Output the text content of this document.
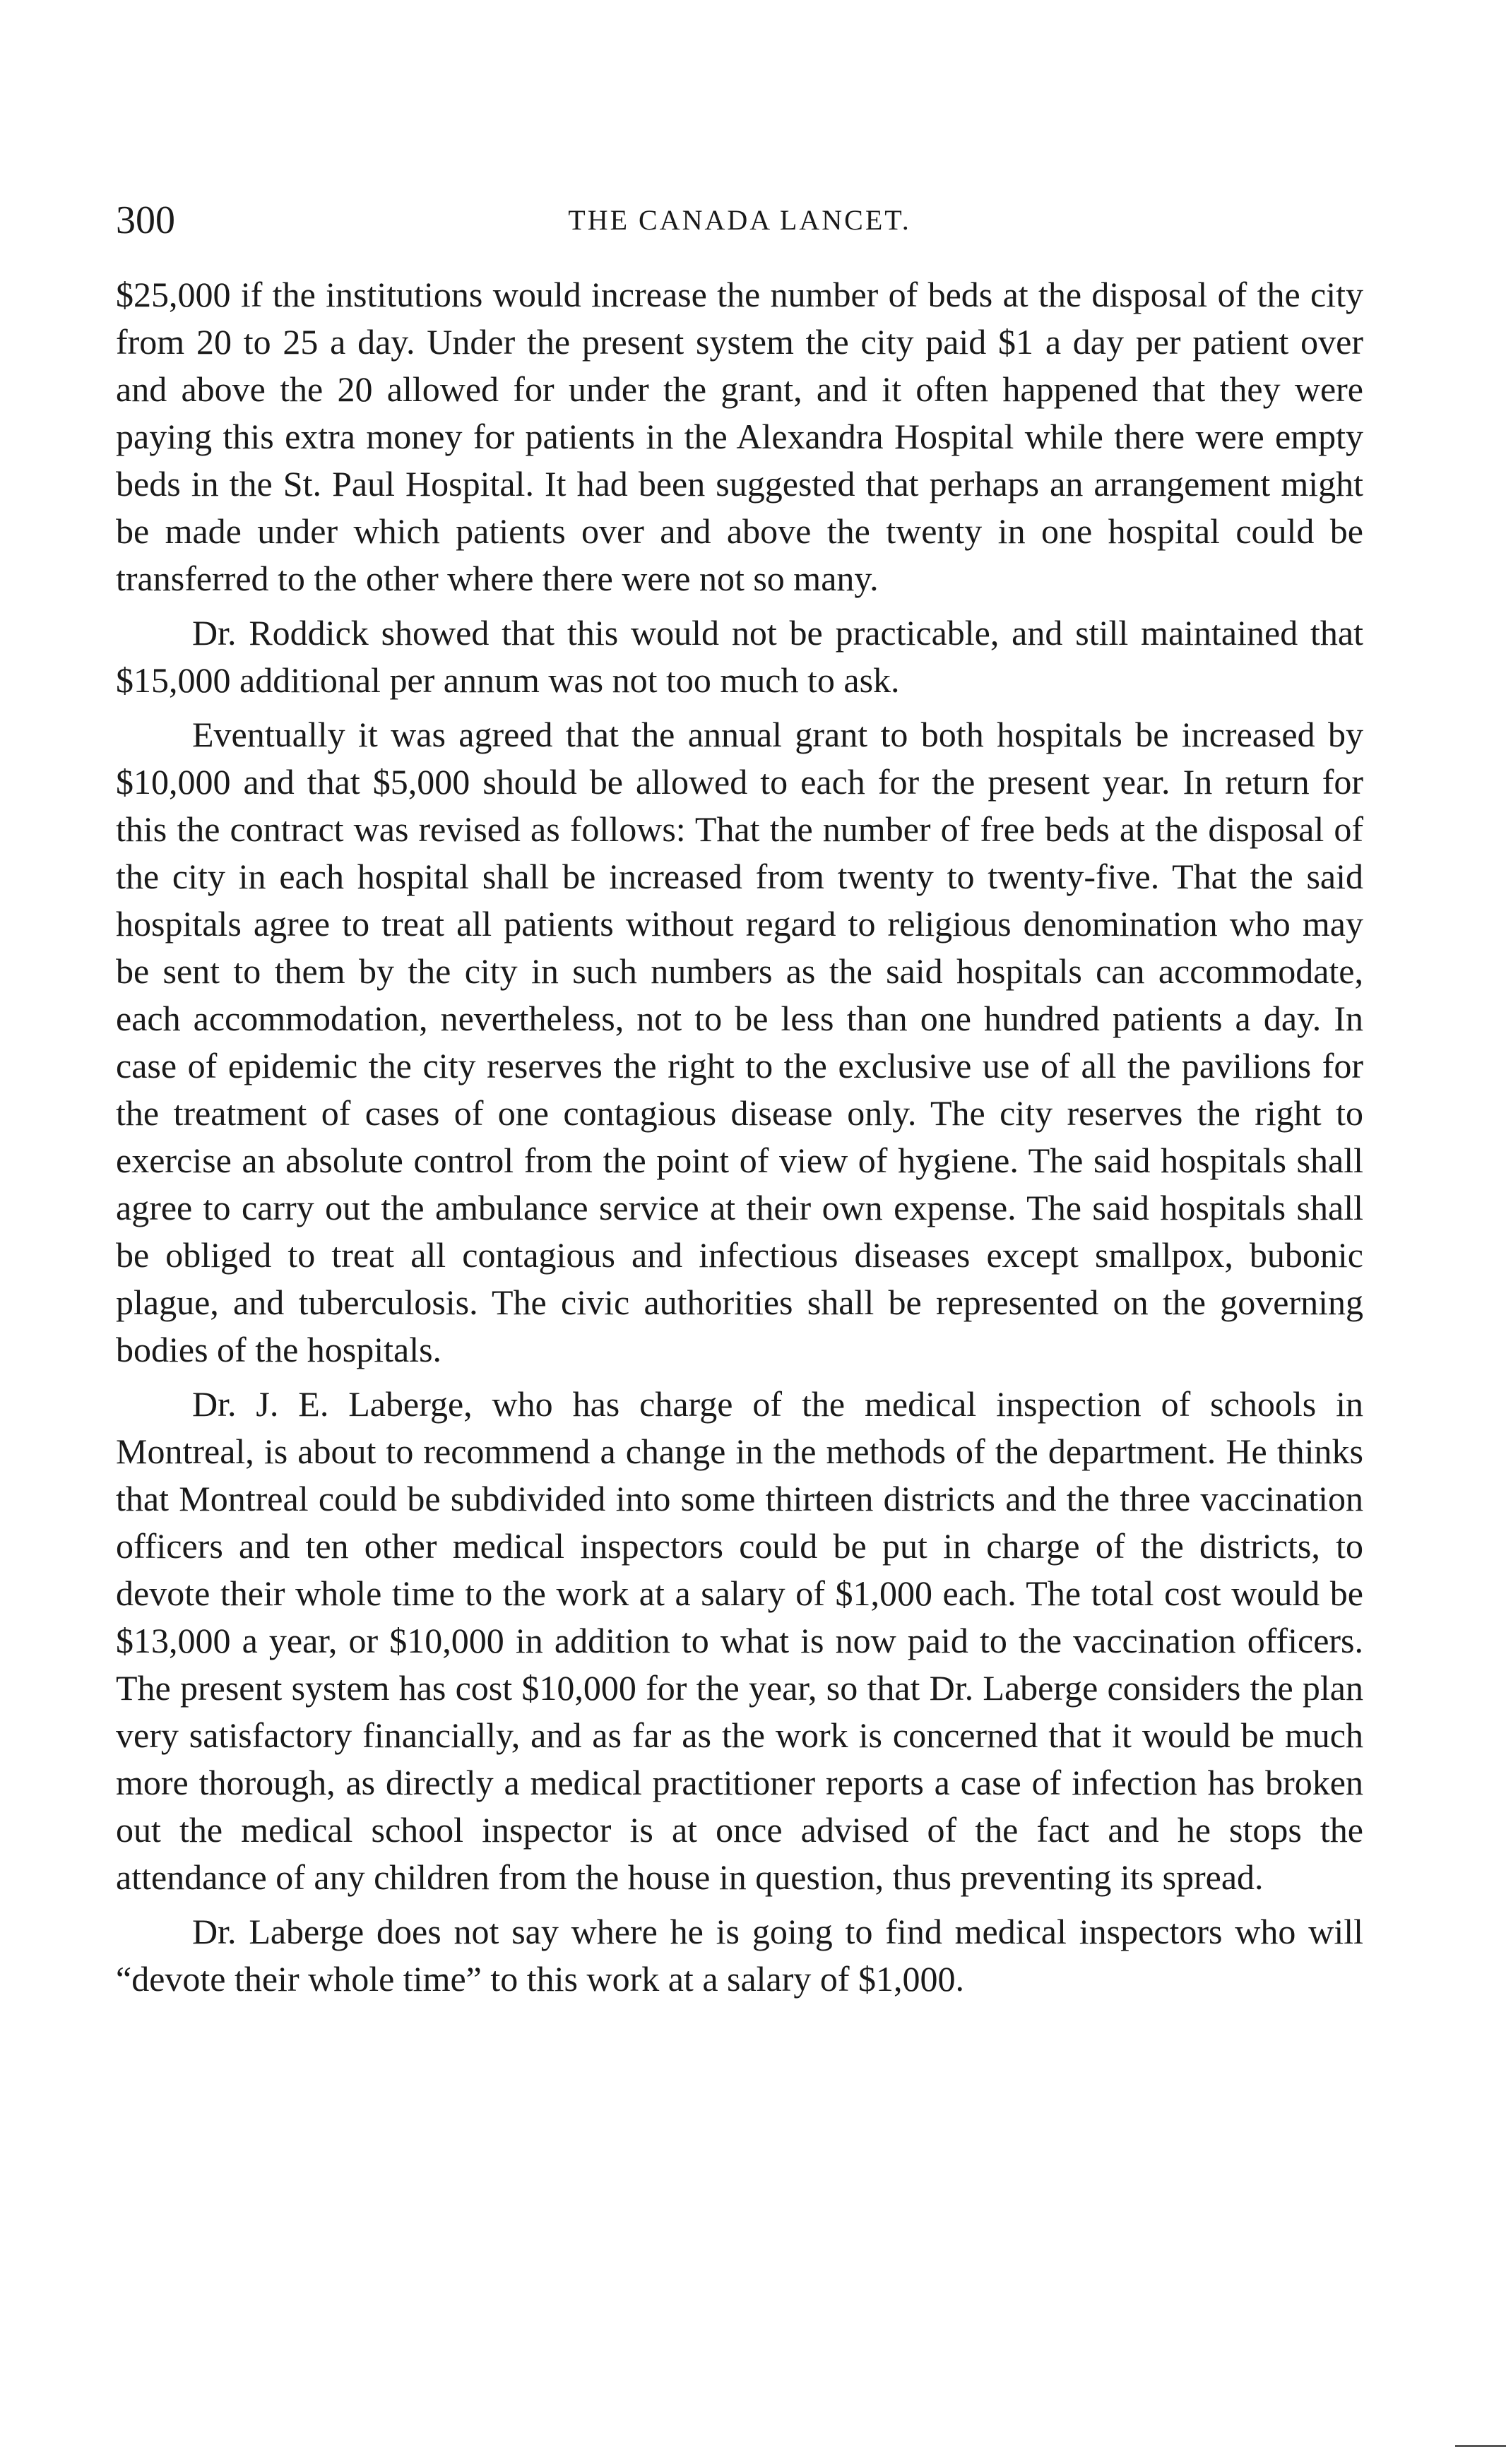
300	THE CANADA LANCET.

$25,000 if the institutions would increase the number of beds at the disposal of the city from 20 to 25 a day. Under the present system the city paid $1 a day per patient over and above the 20 allowed for under the grant, and it often happened that they were paying this extra money for patients in the Alexandra Hospital while there were empty beds in the St. Paul Hospital. It had been suggested that perhaps an arrangement might be made under which patients over and above the twenty in one hospital could be transferred to the other where there were not so many.

Dr. Roddick showed that this would not be practicable, and still maintained that $15,000 additional per annum was not too much to ask.

Eventually it was agreed that the annual grant to both hospitals be increased by $10,000 and that $5,000 should be allowed to each for the present year. In return for this the contract was revised as follows: That the number of free beds at the disposal of the city in each hospital shall be increased from twenty to twenty-five. That the said hospitals agree to treat all patients without regard to religious denomination who may be sent to them by the city in such numbers as the said hospitals can accommodate, each accommodation, nevertheless, not to be less than one hundred patients a day. In case of epidemic the city reserves the right to the exclusive use of all the pavilions for the treatment of cases of one contagious disease only. The city reserves the right to exercise an absolute control from the point of view of hygiene. The said hospitals shall agree to carry out the ambulance service at their own expense. The said hospitals shall be obliged to treat all contagious and infectious diseases except smallpox, bubonic plague, and tuberculosis. The civic authorities shall be represented on the governing bodies of the hospitals.

Dr. J. E. Laberge, who has charge of the medical inspection of schools in Montreal, is about to recommend a change in the methods of the department. He thinks that Montreal could be subdivided into some thirteen districts and the three vaccination officers and ten other medical inspectors could be put in charge of the districts, to devote their whole time to the work at a salary of $1,000 each. The total cost would be $13,000 a year, or $10,000 in addition to what is now paid to the vaccination officers. The present system has cost $10,000 for the year, so that Dr. Laberge considers the plan very satisfactory financially, and as far as the work is concerned that it would be much more thorough, as directly a medical practitioner reports a case of infection has broken out the medical school inspector is at once advised of the fact and he stops the attendance of any children from the house in question, thus preventing its spread.

Dr. Laberge does not say where he is going to find medical inspectors who will “devote their whole time” to this work at a salary of $1,000.
